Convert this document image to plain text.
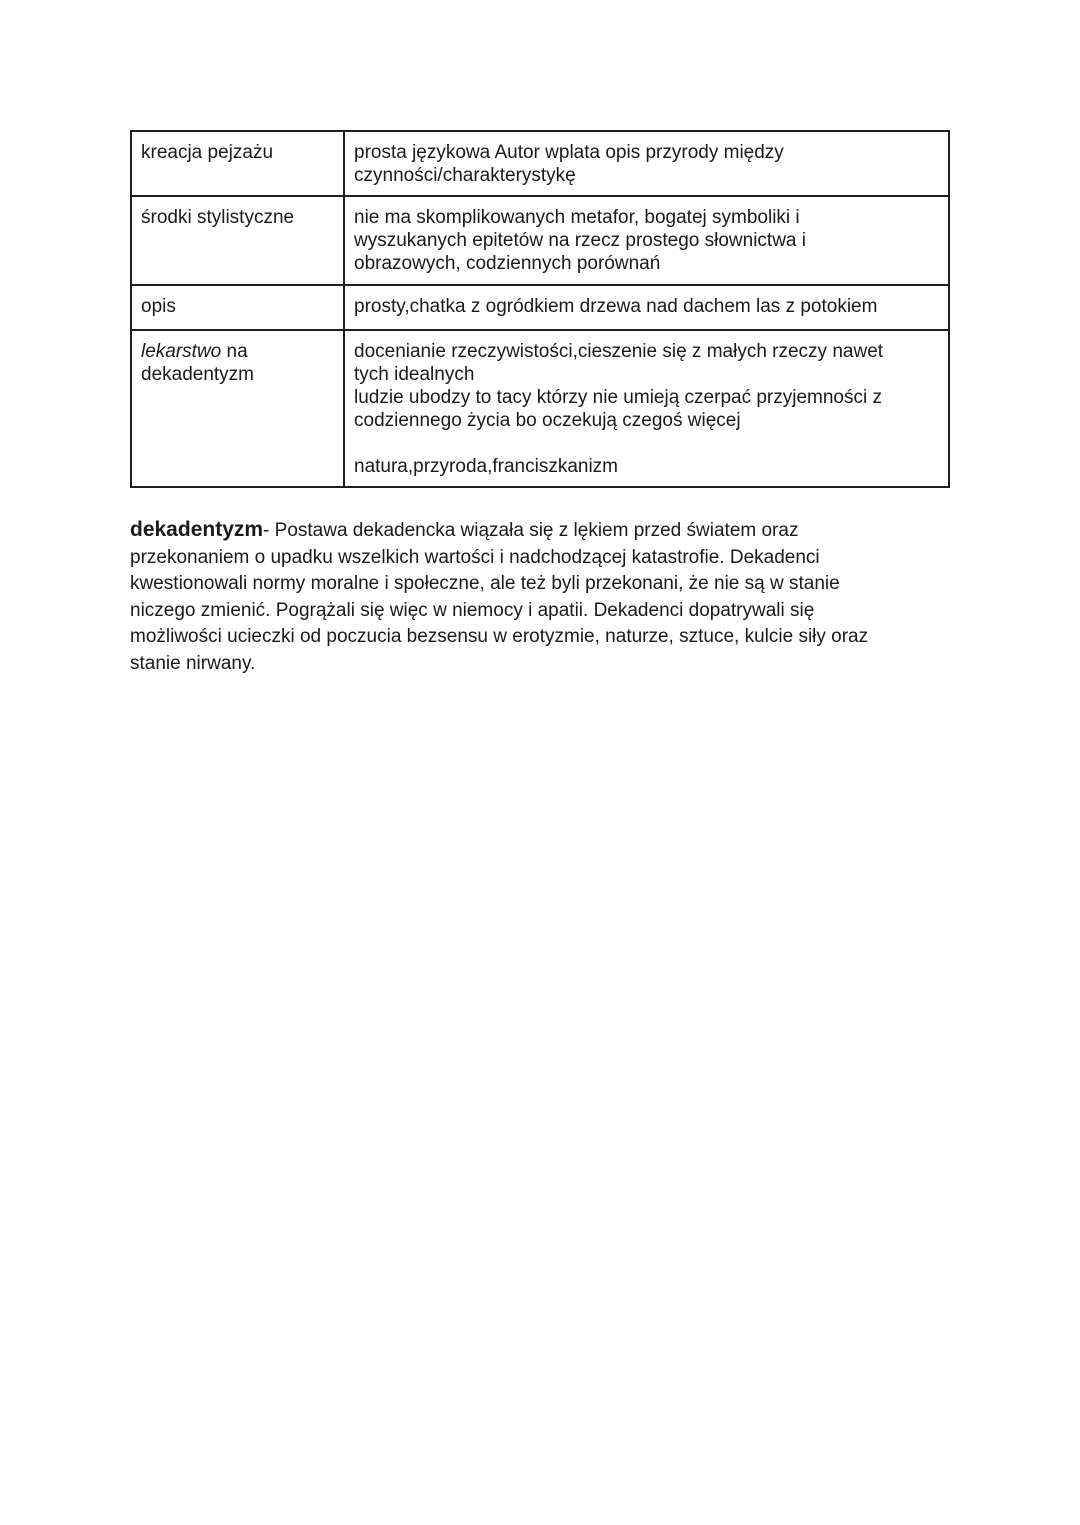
kreacja pejzażu	prosta językowa Autor wplata opis przyrody między
czynności/charakterystykę

środki stylistyczne	nie ma skomplikowanych metafor, bogatej symboliki i
wyszukanych epitetów na rzecz prostego słownictwa i
obrazowych, codziennych porównań

opis	prosty,chatka z ogródkiem drzewa nad dachem las z potokiem

lekarstwo na
dekadentyzm	docenianie rzeczywistości,cieszenie się z małych rzeczy nawet
tych idealnych
ludzie ubodzy to tacy którzy nie umieją czerpać przyjemności z
codziennego życia bo oczekują czegoś więcej
natura,przyroda,franciszkanizm
dekadentyzm- Postawa dekadencka wiązała się z lękiem przed światem oraz
przekonaniem o upadku wszelkich wartości i nadchodzącej katastrofie. Dekadenci
kwestionowali normy moralne i społeczne, ale też byli przekonani, że nie są w stanie
niczego zmienić. Pogrążali się więc w niemocy i apatii. Dekadenci dopatrywali się
możliwości ucieczki od poczucia bezsensu w erotyzmie, naturze, sztuce, kulcie siły oraz
stanie nirwany.
